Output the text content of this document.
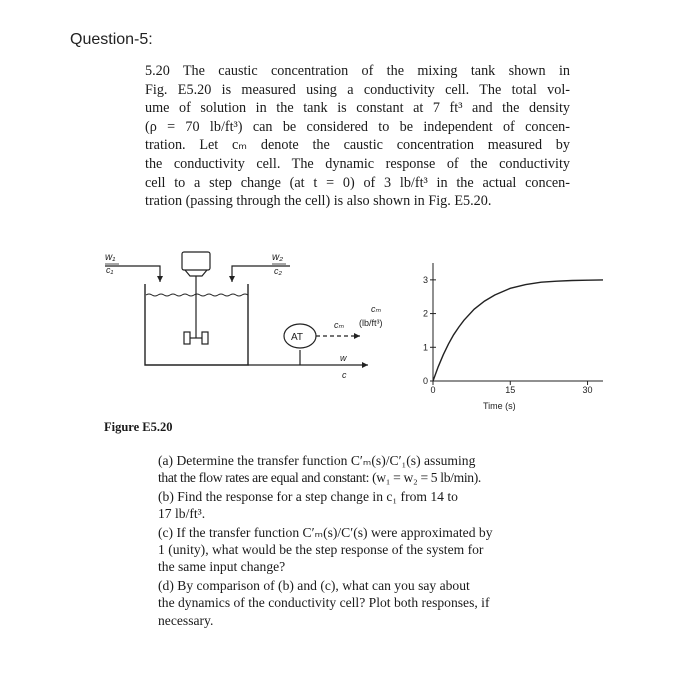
Question-5:
5.20 The caustic concentration of the mixing tank shown in
Fig. E5.20 is measured using a conductivity cell. The total vol-
ume of solution in the tank is constant at 7 ft³ and the density
(ρ = 70 lb/ft³) can be considered to be independent of concen-
tration. Let cₘ denote the caustic concentration measured by
the conductivity cell. The dynamic response of the conductivity
cell to a step change (at t = 0) of 3 lb/ft³ in the actual concen-
tration (passing through the cell) is also shown in Fig. E5.20.
w₁
c₁
w₂
c₂
AT
cₘ
w
c
cₘ
(lb/ft³)
Time (s)
0	15	30
0
1
2
3
Figure E5.20
(a) Determine the transfer function C′ₘ(s)/C′₁(s) assuming
that the flow rates are equal and constant: (w₁ = w₂ = 5 lb/min).
(b) Find the response for a step change in c₁ from 14 to
17 lb/ft³.
(c) If the transfer function C′ₘ(s)/C′(s) were approximated by
1 (unity), what would be the step response of the system for
the same input change?
(d) By comparison of (b) and (c), what can you say about
the dynamics of the conductivity cell? Plot both responses, if
necessary.
